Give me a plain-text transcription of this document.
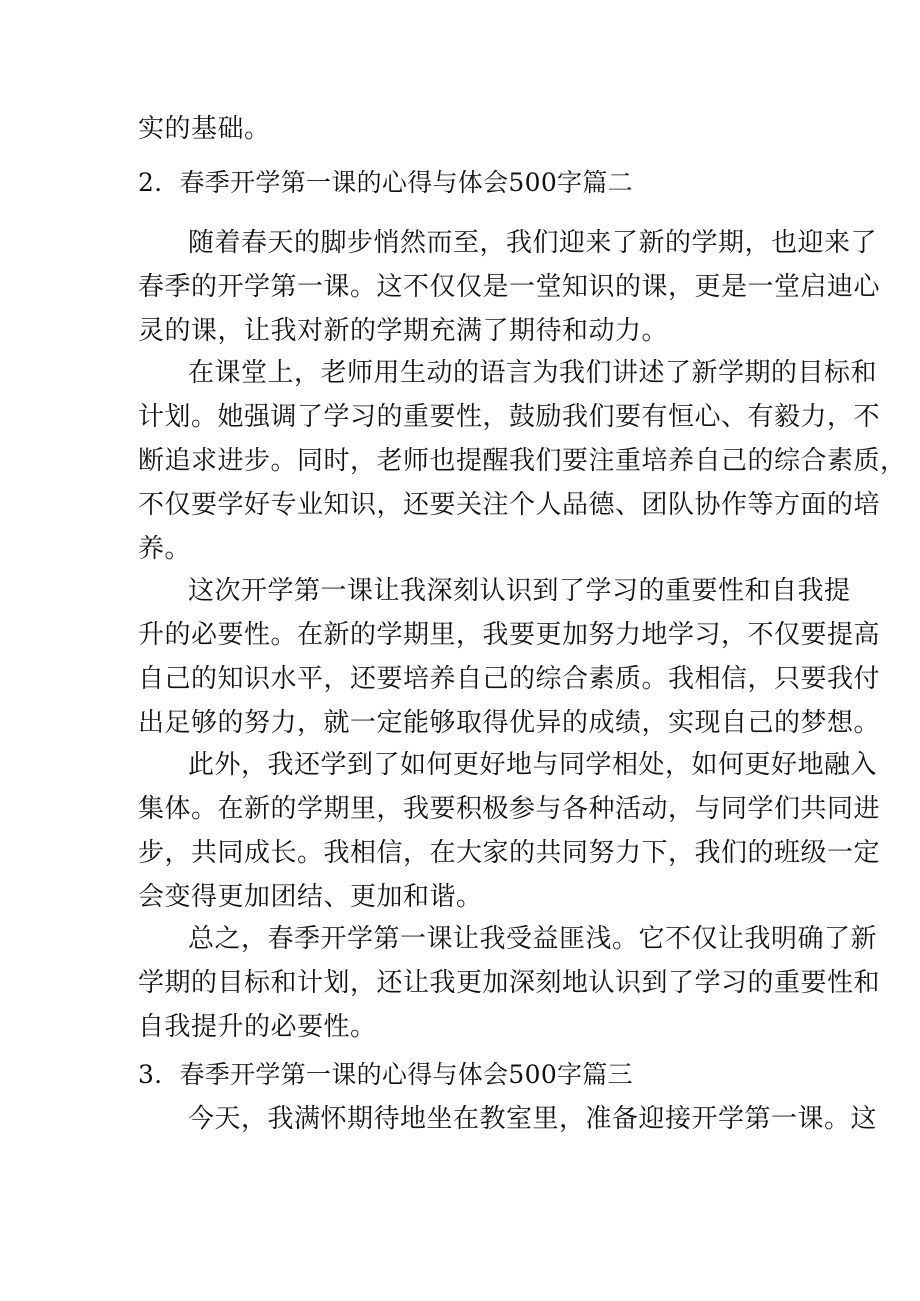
实的基础。
2．春季开学第一课的心得与体会500字篇二
随着春天的脚步悄然而至，我们迎来了新的学期，也迎来了
春季的开学第一课。这不仅仅是一堂知识的课，更是一堂启迪心
灵的课，让我对新的学期充满了期待和动力。
在课堂上，老师用生动的语言为我们讲述了新学期的目标和
计划。她强调了学习的重要性，鼓励我们要有恒心、有毅力，不
断追求进步。同时，老师也提醒我们要注重培养自己的综合素质，
不仅要学好专业知识，还要关注个人品德、团队协作等方面的培
养。
这次开学第一课让我深刻认识到了学习的重要性和自我提
升的必要性。在新的学期里，我要更加努力地学习，不仅要提高
自己的知识水平，还要培养自己的综合素质。我相信，只要我付
出足够的努力，就一定能够取得优异的成绩，实现自己的梦想。
此外，我还学到了如何更好地与同学相处，如何更好地融入
集体。在新的学期里，我要积极参与各种活动，与同学们共同进
步，共同成长。我相信，在大家的共同努力下，我们的班级一定
会变得更加团结、更加和谐。
总之，春季开学第一课让我受益匪浅。它不仅让我明确了新
学期的目标和计划，还让我更加深刻地认识到了学习的重要性和
自我提升的必要性。
3．春季开学第一课的心得与体会500字篇三
今天，我满怀期待地坐在教室里，准备迎接开学第一课。这
